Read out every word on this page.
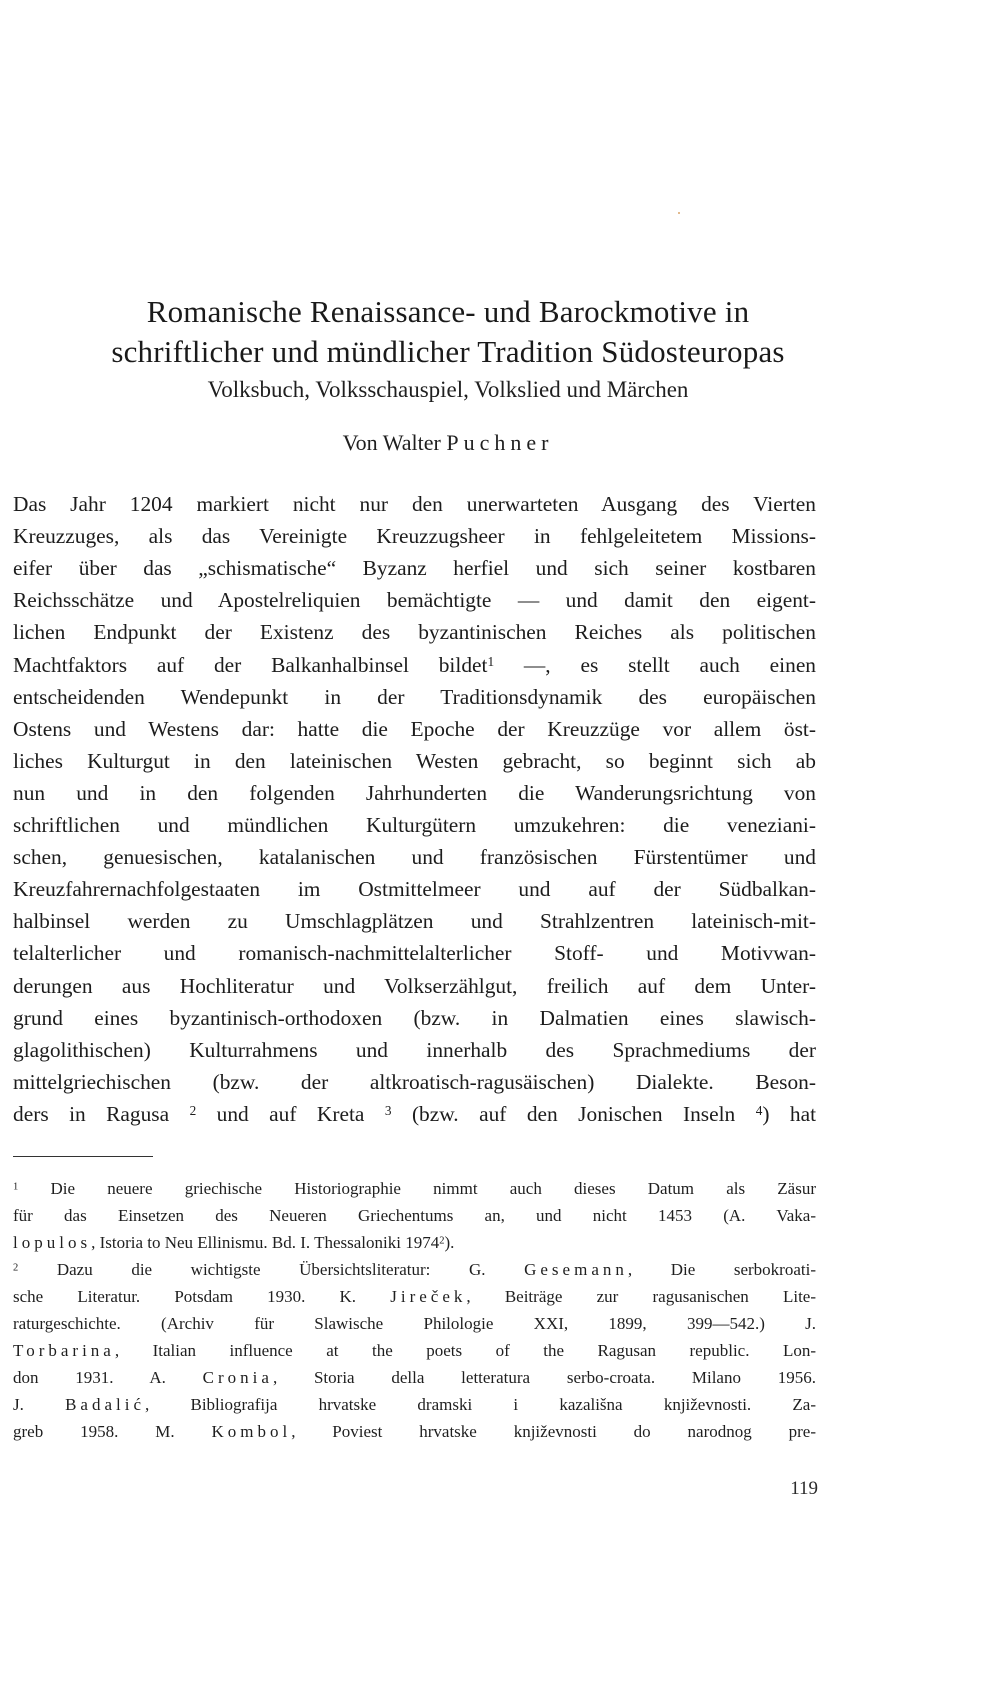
Romanische Renaissance- und Barockmotive in
schriftlicher und mündlicher Tradition Südosteuropas
Volksbuch, Volksschauspiel, Volkslied und Märchen
Von Walter Puchner
Das Jahr 1204 markiert nicht nur den unerwarteten Ausgang des Vierten
Kreuzzuges, als das Vereinigte Kreuzzugsheer in fehlgeleitetem Missions-
eifer über das „schismatische“ Byzanz herfiel und sich seiner kostbaren
Reichsschätze und Apostelreliquien bemächtigte — und damit den eigent-
lichen Endpunkt der Existenz des byzantinischen Reiches als politischen
Machtfaktors auf der Balkanhalbinsel bildet$^1$ —, es stellt auch einen
entscheidenden Wendepunkt in der Traditionsdynamik des europäischen
Ostens und Westens dar: hatte die Epoche der Kreuzzüge vor allem öst-
liches Kulturgut in den lateinischen Westen gebracht, so beginnt sich ab
nun und in den folgenden Jahrhunderten die Wanderungsrichtung von
schriftlichen und mündlichen Kulturgütern umzukehren: die veneziani-
schen, genuesischen, katalanischen und französischen Fürstentümer und
Kreuzfahrernachfolgestaaten im Ostmittelmeer und auf der Südbalkan-
halbinsel werden zu Umschlagplätzen und Strahlzentren lateinisch-mit-
telalterlicher und romanisch-nachmittelalterlicher Stoff- und Motivwan-
derungen aus Hochliteratur und Volkserzählgut, freilich auf dem Unter-
grund eines byzantinisch-orthodoxen (bzw. in Dalmatien eines slawisch-
glagolithischen) Kulturrahmens und innerhalb des Sprachmediums der
mittelgriechischen (bzw. der altkroatisch-ragusäischen) Dialekte. Beson-
ders in Ragusa $^2$ und auf Kreta $^3$ (bzw. auf den Jonischen Inseln $^4$) hat
$^1$ Die neuere griechische Historiographie nimmt auch dieses Datum als Zäsur
für das Einsetzen des Neueren Griechentums an, und nicht 1453 (A. Vaka-
lopulos, Istoria to Neu Ellinismu. Bd. I. Thessaloniki 1974$^2$).
$^2$ Dazu die wichtigste Übersichtsliteratur: G. Gesemann, Die serbokroati-
sche Literatur. Potsdam 1930. K. Jireček, Beiträge zur ragusanischen Lite-
raturgeschichte. (Archiv für Slawische Philologie XXI, 1899, 399—542.) J.
Torbarina, Italian influence at the poets of the Ragusan republic. Lon-
don 1931. A. Cronia, Storia della letteratura serbo-croata. Milano 1956.
J. Badalić, Bibliografija hrvatske dramski i kazališna književnosti. Za-
greb 1958. M. Kombol, Poviest hrvatske književnosti do narodnog pre-
119
